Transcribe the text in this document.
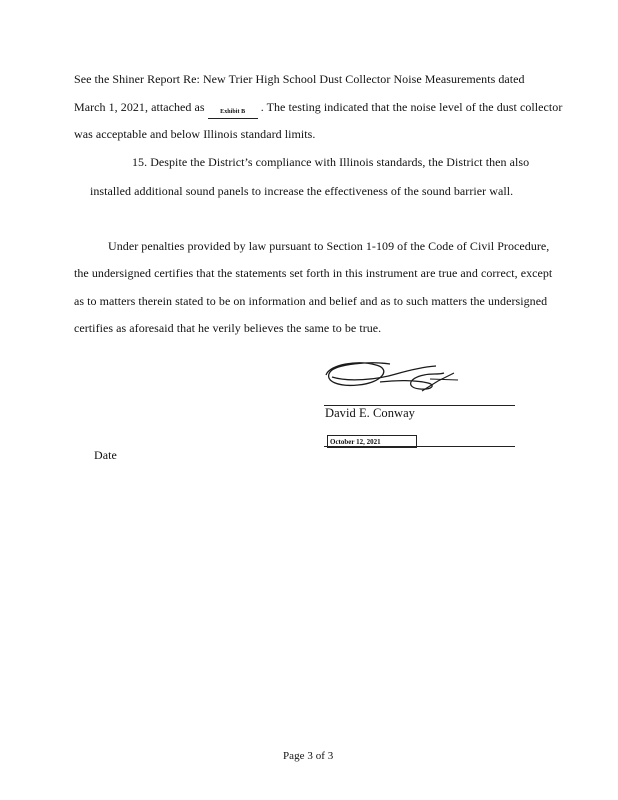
See the Shiner Report Re: New Trier High School Dust Collector Noise Measurements dated
March 1, 2021, attached as	Exhibit B . The testing indicated that the noise level of the dust collector
was acceptable and below Illinois standard limits.
15. Despite the District’s compliance with Illinois standards, the District then also
installed additional sound panels to increase the effectiveness of the sound barrier wall.
Under penalties provided by law pursuant to Section 1-109 of the Code of Civil Procedure,
the undersigned certifies that the statements set forth in this instrument are true and correct, except
as to matters therein stated to be on information and belief and as to such matters the undersigned
certifies as aforesaid that he verily believes the same to be true.
David E. Conway
October 12, 2021
Date
Page 3 of 3
